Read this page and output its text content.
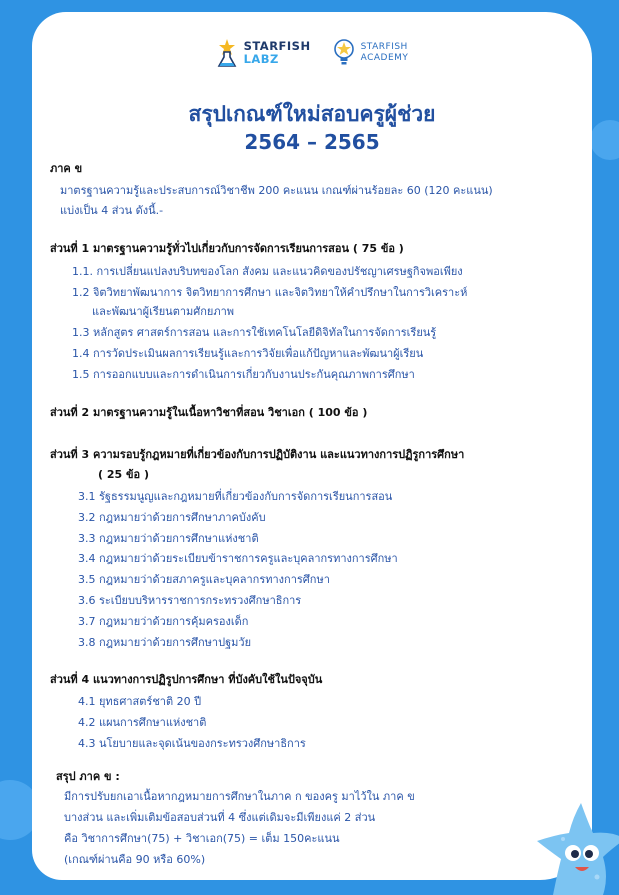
STARFISH
LABZ
STARFISH
ACADEMY
สรุปเกณฑ์ใหม่สอบครูผู้ช่วย
2564 – 2565
ภาค ข
มาตรฐานความรู้และประสบการณ์วิชาชีพ 200 คะแนน เกณฑ์ผ่านร้อยละ 60 (120 คะแนน)
แบ่งเป็น 4 ส่วน ดังนี้.-
ส่วนที่ 1 มาตรฐานความรู้ทั่วไปเกี่ยวกับการจัดการเรียนการสอน ( 75 ข้อ )
1.1. การเปลี่ยนแปลงบริบทของโลก สังคม และแนวคิดของปรัชญาเศรษฐกิจพอเพียง
1.2 จิตวิทยาพัฒนาการ จิตวิทยาการศึกษา และจิตวิทยาให้คำปรึกษาในการวิเคราะห์
และพัฒนาผู้เรียนตามศักยภาพ
1.3 หลักสูตร ศาสตร์การสอน และการใช้เทคโนโลยีดิจิทัลในการจัดการเรียนรู้
1.4 การวัดประเมินผลการเรียนรู้และการวิจัยเพื่อแก้ปัญหาและพัฒนาผู้เรียน
1.5 การออกแบบและการดำเนินการเกี่ยวกับงานประกันคุณภาพการศึกษา
ส่วนที่ 2 มาตรฐานความรู้ในเนื้อหาวิชาที่สอน วิชาเอก ( 100 ข้อ )
ส่วนที่ 3 ความรอบรู้กฎหมายที่เกี่ยวข้องกับการปฏิบัติงาน และแนวทางการปฏิรูการศึกษา
( 25 ข้อ )
3.1 รัฐธรรมนูญและกฎหมายที่เกี่ยวข้องกับการจัดการเรียนการสอน
3.2 กฎหมายว่าด้วยการศึกษาภาคบังคับ
3.3 กฎหมายว่าด้วยการศึกษาแห่งชาติ
3.4 กฎหมายว่าด้วยระเบียบข้าราชการครูและบุคลากรทางการศึกษา
3.5 กฎหมายว่าด้วยสภาครูและบุคลากรทางการศึกษา
3.6 ระเบียบบริหารราชการกระทรวงศึกษาธิการ
3.7 กฎหมายว่าด้วยการคุ้มครองเด็ก
3.8 กฎหมายว่าด้วยการศึกษาปฐมวัย
ส่วนที่ 4 แนวทางการปฏิรูปการศึกษา ที่บังคับใช้ในปัจจุบัน
4.1 ยุทธศาสตร์ชาติ 20 ปี
4.2 แผนการศึกษาแห่งชาติ
4.3 นโยบายและจุดเน้นของกระทรวงศึกษาธิการ
สรุป ภาค ข :
มีการปรับยกเอาเนื้อหากฎหมายการศึกษาในภาค ก ของครู มาไว้ใน ภาค ข
บางส่วน และเพิ่มเติมข้อสอบส่วนที่ 4 ซึ่งแต่เดิมจะมีเพียงแค่ 2 ส่วน
คือ วิชาการศึกษา(75) + วิชาเอก(75) = เต็ม 150คะแนน
(เกณฑ์ผ่านคือ 90 หรือ 60%)
